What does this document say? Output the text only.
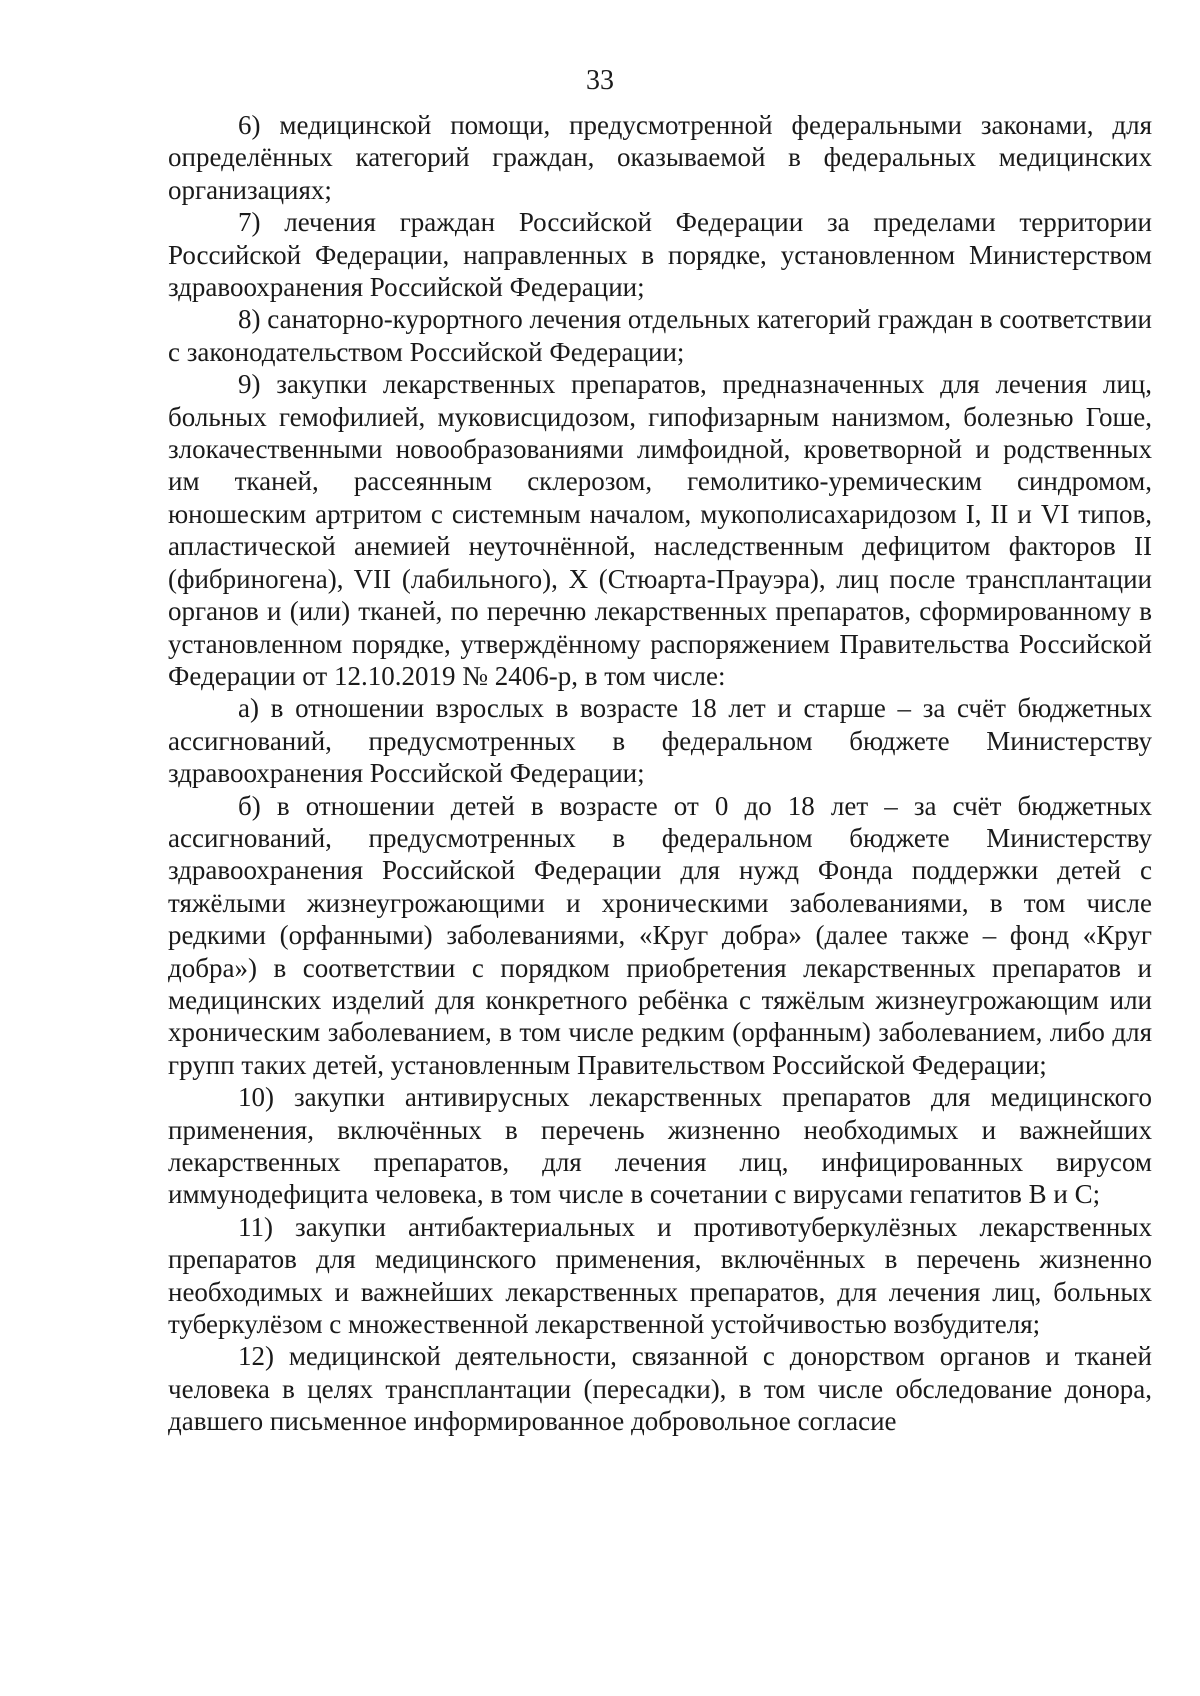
33

6) медицинской помощи, предусмотренной федеральными законами, для определённых категорий граждан, оказываемой в федеральных медицинских организациях;

7) лечения граждан Российской Федерации за пределами территории Российской Федерации, направленных в порядке, установленном Министерством здравоохранения Российской Федерации;

8) санаторно-курортного лечения отдельных категорий граждан в соответствии с законодательством Российской Федерации;

9) закупки лекарственных препаратов, предназначенных для лечения лиц, больных гемофилией, муковисцидозом, гипофизарным нанизмом, болезнью Гоше, злокачественными новообразованиями лимфоидной, кроветворной и родственных им тканей, рассеянным склерозом, гемолитико-уремическим синдромом, юношеским артритом с системным началом, мукополисахаридозом I, II и VI типов, апластической анемией неуточнённой, наследственным дефицитом факторов II (фибриногена), VII (лабильного), X (Стюарта-Прауэра), лиц после трансплантации органов и (или) тканей, по перечню лекарственных препаратов, сформированному в установленном порядке, утверждённому распоряжением Правительства Российской Федерации от 12.10.2019 № 2406-р, в том числе:

а) в отношении взрослых в возрасте 18 лет и старше – за счёт бюджетных ассигнований, предусмотренных в федеральном бюджете Министерству здравоохранения Российской Федерации;

б) в отношении детей в возрасте от 0 до 18 лет – за счёт бюджетных ассигнований, предусмотренных в федеральном бюджете Министерству здравоохранения Российской Федерации для нужд Фонда поддержки детей с тяжёлыми жизнеугрожающими и хроническими заболеваниями, в том числе редкими (орфанными) заболеваниями, «Круг добра» (далее также – фонд «Круг добра») в соответствии с порядком приобретения лекарственных препаратов и медицинских изделий для конкретного ребёнка с тяжёлым жизнеугрожающим или хроническим заболеванием, в том числе редким (орфанным) заболеванием, либо для групп таких детей, установленным Правительством Российской Федерации;

10) закупки антивирусных лекарственных препаратов для медицинского применения, включённых в перечень жизненно необходимых и важнейших лекарственных препаратов, для лечения лиц, инфицированных вирусом иммунодефицита человека, в том числе в сочетании с вирусами гепатитов B и C;

11) закупки антибактериальных и противотуберкулёзных лекарственных препаратов для медицинского применения, включённых в перечень жизненно необходимых и важнейших лекарственных препаратов, для лечения лиц, больных туберкулёзом с множественной лекарственной устойчивостью возбудителя;

12) медицинской деятельности, связанной с донорством органов и тканей человека в целях трансплантации (пересадки), в том числе обследование донора, давшего письменное информированное добровольное согласие
